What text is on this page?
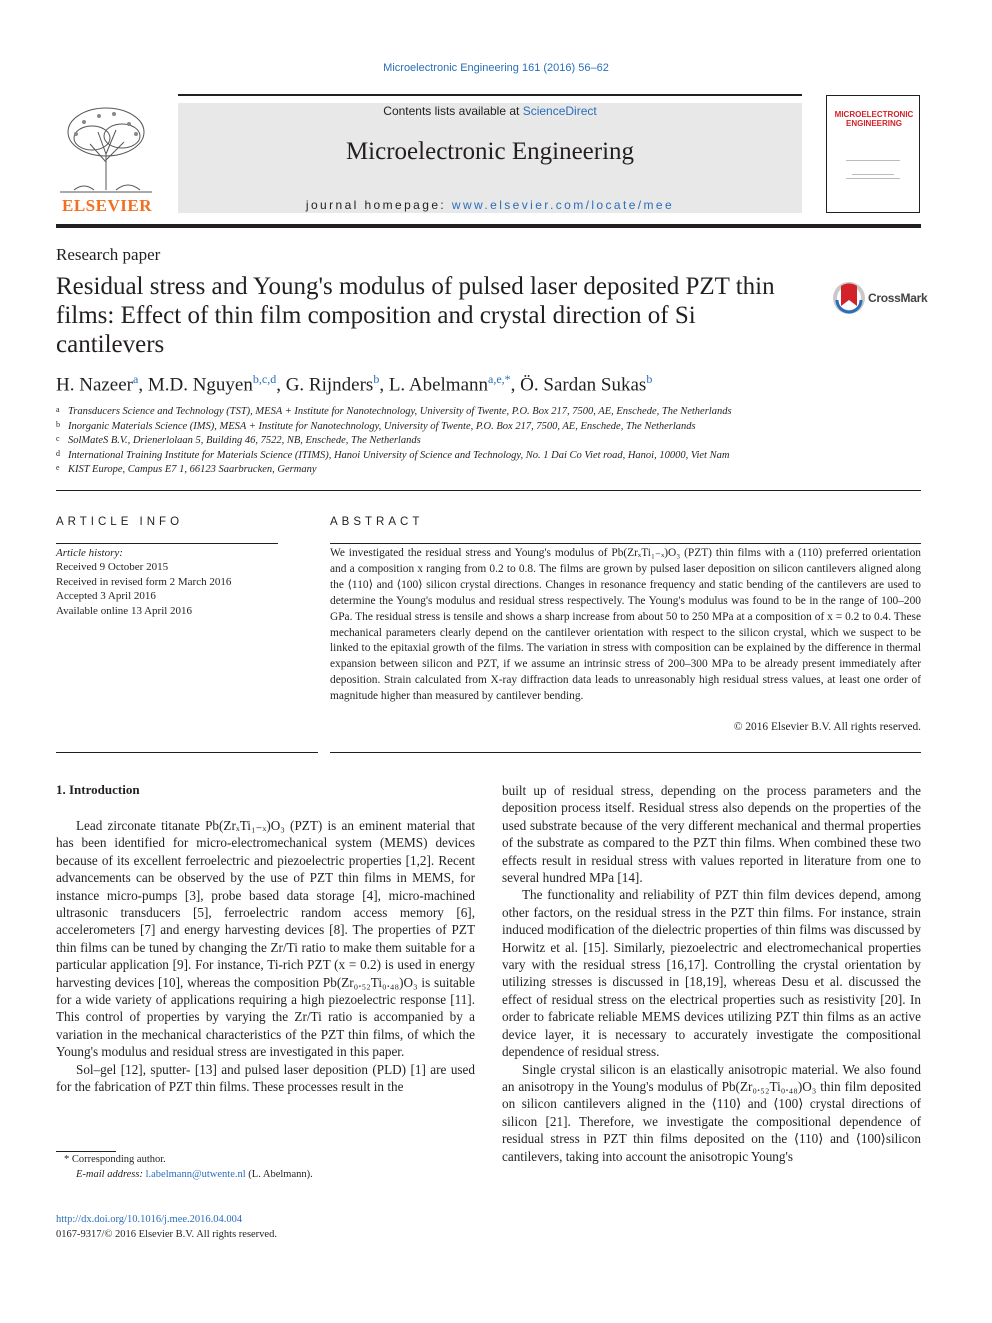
Microelectronic Engineering 161 (2016) 56–62
ELSEVIER
Contents lists available at ScienceDirect
Microelectronic Engineering
journal homepage: www.elsevier.com/locate/mee
MICROELECTRONIC
ENGINEERING
Research paper
Residual stress and Young's modulus of pulsed laser deposited PZT thin films: Effect of thin film composition and crystal direction of Si cantilevers
CrossMark
H. Nazeer$^a$, M.D. Nguyen$^{b,c,d}$, G. Rijnders$^b$, L. Abelmann$^{a,e,*}$, Ö. Sardan Sukas$^b$
a Transducers Science and Technology (TST), MESA + Institute for Nanotechnology, University of Twente, P.O. Box 217, 7500, AE, Enschede, The Netherlands
b Inorganic Materials Science (IMS), MESA + Institute for Nanotechnology, University of Twente, P.O. Box 217, 7500, AE, Enschede, The Netherlands
c SolMateS B.V., Drienerlolaan 5, Building 46, 7522, NB, Enschede, The Netherlands
d International Training Institute for Materials Science (ITIMS), Hanoi University of Science and Technology, No. 1 Dai Co Viet road, Hanoi, 10000, Viet Nam
e KIST Europe, Campus E7 1, 66123 Saarbrucken, Germany
ARTICLE INFO
Article history:
Received 9 October 2015
Received in revised form 2 March 2016
Accepted 3 April 2016
Available online 13 April 2016
ABSTRACT
We investigated the residual stress and Young's modulus of Pb(ZrₓTi₁₋ₓ)O₃ (PZT) thin films with a (110) preferred orientation and a composition x ranging from 0.2 to 0.8. The films are grown by pulsed laser deposition on silicon cantilevers aligned along the ⟨110⟩ and ⟨100⟩ silicon crystal directions. Changes in resonance frequency and static bending of the cantilevers are used to determine the Young's modulus and residual stress respectively. The Young's modulus was found to be in the range of 100–200 GPa. The residual stress is tensile and shows a sharp increase from about 50 to 250 MPa at a composition of x = 0.2 to 0.4. These mechanical parameters clearly depend on the cantilever orientation with respect to the silicon crystal, which we suspect to be linked to the epitaxial growth of the films. The variation in stress with composition can be explained by the difference in thermal expansion between silicon and PZT, if we assume an intrinsic stress of 200–300 MPa to be already present immediately after deposition. Strain calculated from X-ray diffraction data leads to unreasonably high residual stress values, at least one order of magnitude higher than measured by cantilever bending.
© 2016 Elsevier B.V. All rights reserved.
1. Introduction

Lead zirconate titanate Pb(ZrₓTi₁₋ₓ)O₃ (PZT) is an eminent material that has been identified for micro-electromechanical system (MEMS) devices because of its excellent ferroelectric and piezoelectric properties [1,2]. Recent advancements can be observed by the use of PZT thin films in MEMS, for instance micro-pumps [3], probe based data storage [4], micro-machined ultrasonic transducers [5], ferroelectric random access memory [6], accelerometers [7] and energy harvesting devices [8]. The properties of PZT thin films can be tuned by changing the Zr/Ti ratio to make them suitable for a particular application [9]. For instance, Ti-rich PZT (x = 0.2) is used in energy harvesting devices [10], whereas the composition Pb(Zr₀.₅₂Ti₀.₄₈)O₃ is suitable for a wide variety of applications requiring a high piezoelectric response [11]. This control of properties by varying the Zr/Ti ratio is accompanied by a variation in the mechanical characteristics of the PZT thin films, of which the Young's modulus and residual stress are investigated in this paper.

Sol–gel [12], sputter- [13] and pulsed laser deposition (PLD) [1] are used for the fabrication of PZT thin films. These processes result in the

built up of residual stress, depending on the process parameters and the deposition process itself. Residual stress also depends on the properties of the used substrate because of the very different mechanical and thermal properties of the substrate as compared to the PZT thin films. When combined these two effects result in residual stress with values reported in literature from one to several hundred MPa [14].

The functionality and reliability of PZT thin film devices depend, among other factors, on the residual stress in the PZT thin films. For instance, strain induced modification of the dielectric properties of thin films was discussed by Horwitz et al. [15]. Similarly, piezoelectric and electromechanical properties vary with the residual stress [16,17]. Controlling the crystal orientation by utilizing stresses is discussed in [18,19], whereas Desu et al. discussed the effect of residual stress on the electrical properties such as resistivity [20]. In order to fabricate reliable MEMS devices utilizing PZT thin films as an active device layer, it is necessary to accurately investigate the compositional dependence of residual stress.

Single crystal silicon is an elastically anisotropic material. We also found an anisotropy in the Young's modulus of Pb(Zr₀.₅₂Ti₀.₄₈)O₃ thin film deposited on silicon cantilevers aligned in the ⟨110⟩ and ⟨100⟩ crystal directions of silicon [21]. Therefore, we investigate the compositional dependence of residual stress in PZT thin films deposited on the ⟨110⟩ and ⟨100⟩silicon cantilevers, taking into account the anisotropic Young's

* Corresponding author.
E-mail address: l.abelmann@utwente.nl (L. Abelmann).
http://dx.doi.org/10.1016/j.mee.2016.04.004
0167-9317/© 2016 Elsevier B.V. All rights reserved.
